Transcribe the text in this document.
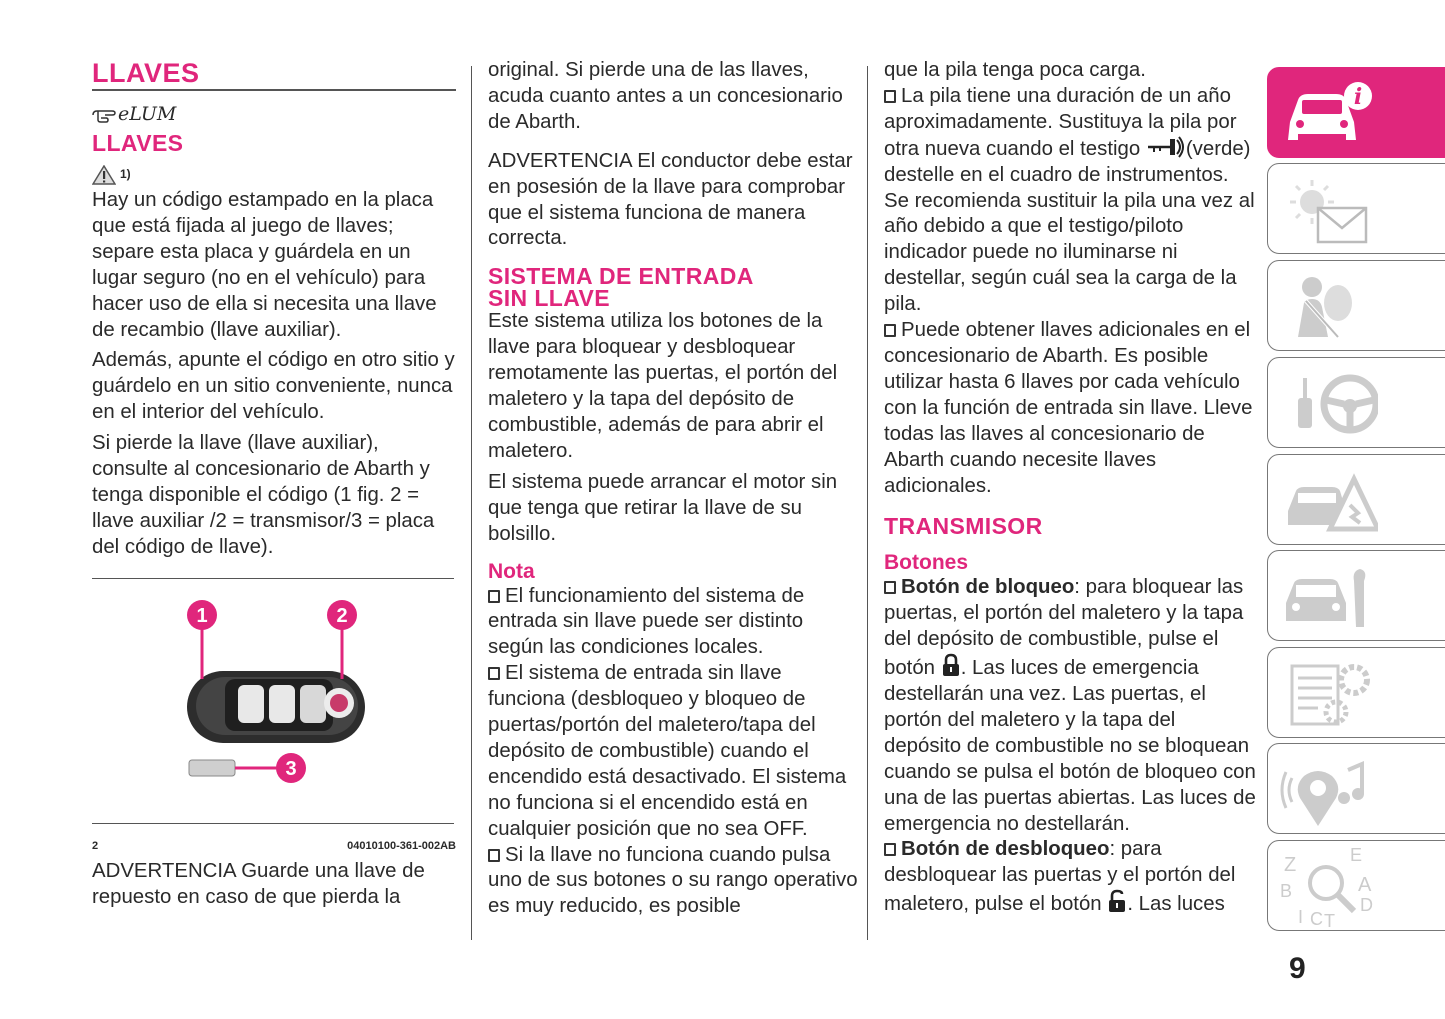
LLAVES
eLUM
LLAVES
1)

Hay un código estampado en la placa que está fijada al juego de llaves; separe esta placa y guárdela en un lugar seguro (no en el vehículo) para hacer uso de ella si necesita una llave de recambio (llave auxiliar).

Además, apunte el código en otro sitio y guárdelo en un sitio conveniente, nunca en el interior del vehículo.

Si pierde la llave (llave auxiliar), consulte al concesionario de Abarth y tenga disponible el código (1 fig. 2 = llave auxiliar /2 = transmisor/3 = placa del código de llave).

1	2
3
2	04010100-361-002AB

ADVERTENCIA Guarde una llave de repuesto en caso de que pierda la

original. Si pierde una de las llaves, acuda cuanto antes a un concesionario de Abarth.

ADVERTENCIA El conductor debe estar en posesión de la llave para comprobar que el sistema funciona de manera correcta.

SISTEMA DE ENTRADA
SIN LLAVE

Este sistema utiliza los botones de la llave para bloquear y desbloquear remotamente las puertas, el portón del maletero y la tapa del depósito de combustible, además de para abrir el maletero.

El sistema puede arrancar el motor sin que tenga que retirar la llave de su bolsillo.

Nota

El funcionamiento del sistema de entrada sin llave puede ser distinto según las condiciones locales.

El sistema de entrada sin llave funciona (desbloqueo y bloqueo de puertas/portón del maletero/tapa del depósito de combustible) cuando el encendido está desactivado. El sistema no funciona si el encendido está en cualquier posición que no sea OFF.

Si la llave no funciona cuando pulsa uno de sus botones o su rango operativo es muy reducido, es posible

que la pila tenga poca carga.

La pila tiene una duración de un año aproximadamente. Sustituya la pila por otra nueva cuando el testigo (verde) destelle en el cuadro de instrumentos. Se recomienda sustituir la pila una vez al año debido a que el testigo/piloto indicador puede no iluminarse ni destellar, según cuál sea la carga de la pila.

Puede obtener llaves adicionales en el concesionario de Abarth. Es posible utilizar hasta 6 llaves por cada vehículo con la función de entrada sin llave. Lleve todas las llaves al concesionario de Abarth cuando necesite llaves adicionales.

TRANSMISOR
Botones

Botón de bloqueo: para bloquear las puertas, el portón del maletero y la tapa del depósito de combustible, pulse el botón . Las luces de emergencia destellarán una vez. Las puertas, el portón del maletero y la tapa del depósito de combustible no se bloquean cuando se pulsa el botón de bloqueo con una de las puertas abiertas. Las luces de emergencia no destellarán.

Botón de desbloqueo: para desbloquear las puertas y el portón del maletero, pulse el botón . Las luces

i
Z	E
A
B
C T
D
I
9
